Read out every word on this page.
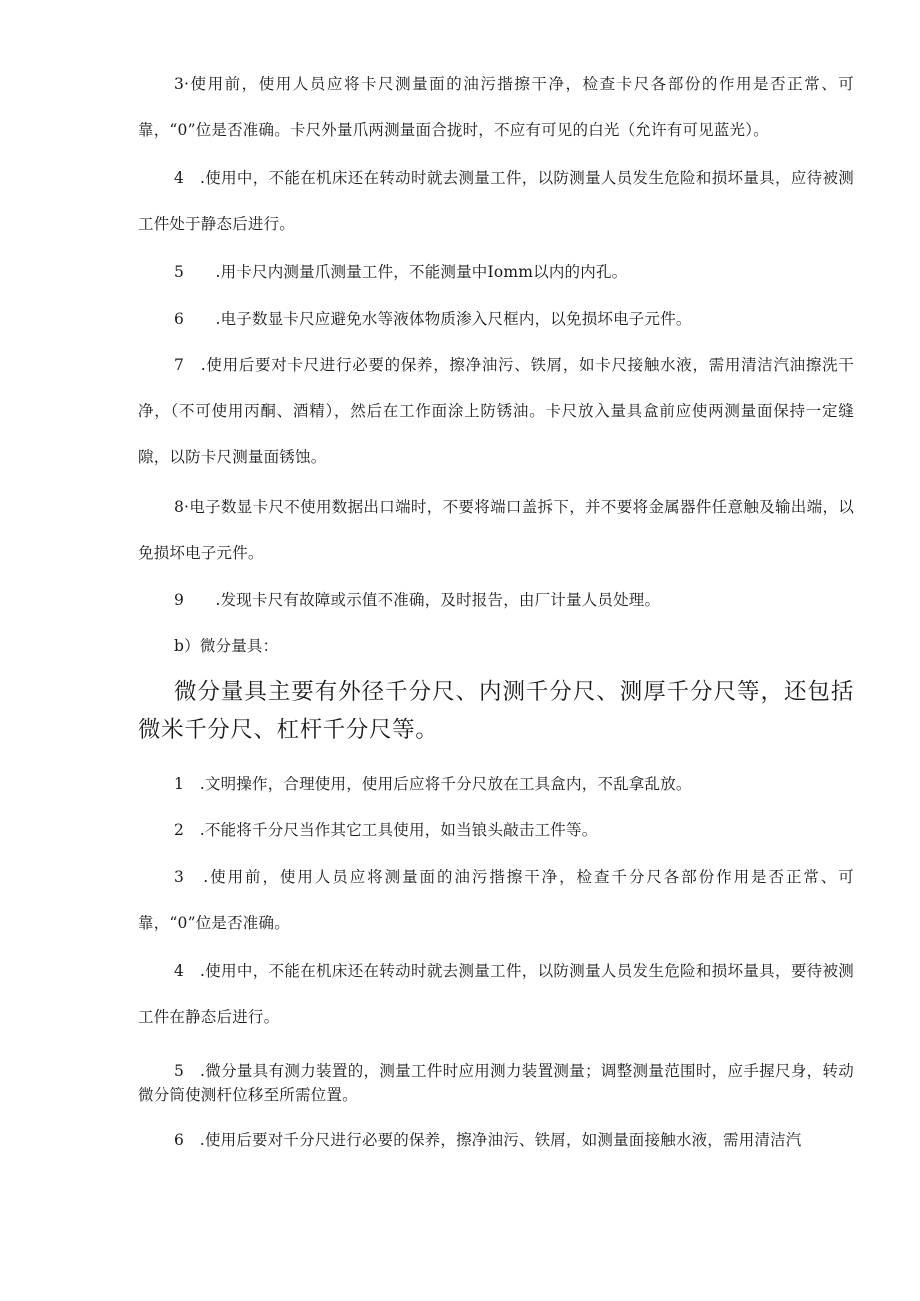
3·使用前，使用人员应将卡尺测量面的油污揩擦干净，检查卡尺各部份的作用是否正常、可靠，“0”位是否准确。卡尺外量爪两测量面合拢时，不应有可见的白光（允许有可见蓝光）。

4　.使用中，不能在机床还在转动时就去测量工件，以防测量人员发生危险和损坏量具，应待被测工件处于静态后进行。

5　　.用卡尺内测量爪测量工件，不能测量中Iomm以内的内孔。

6　　.电子数显卡尺应避免水等液体物质渗入尺框内，以免损坏电子元件。

7　.使用后要对卡尺进行必要的保养，擦净油污、铁屑，如卡尺接触水液，需用清洁汽油擦洗干净，（不可使用丙酮、酒精），然后在工作面涂上防锈油。卡尺放入量具盒前应使两测量面保持一定缝隙，以防卡尺测量面锈蚀。

8·电子数显卡尺不使用数据出口端时，不要将端口盖拆下，并不要将金属器件任意触及输出端，以免损坏电子元件。

9　　.发现卡尺有故障或示值不准确，及时报告，由厂计量人员处理。

b）微分量具：

微分量具主要有外径千分尺、内测千分尺、测厚千分尺等，还包括微米千分尺、杠杆千分尺等。

1　.文明操作，合理使用，使用后应将千分尺放在工具盒内，不乱拿乱放。

2　.不能将千分尺当作其它工具使用，如当锒头敲击工件等。

3　.使用前，使用人员应将测量面的油污揩擦干净，检查千分尺各部份作用是否正常、可靠，“0”位是否准确。

4　.使用中，不能在机床还在转动时就去测量工件，以防测量人员发生危险和损坏量具，要待被测工件在静态后进行。

5　.微分量具有测力装置的，测量工件时应用测力装置测量；调整测量范围时，应手握尺身，转动微分筒使测杆位移至所需位置。

6　.使用后要对千分尺进行必要的保养，擦净油污、铁屑，如测量面接触水液，需用清洁汽
